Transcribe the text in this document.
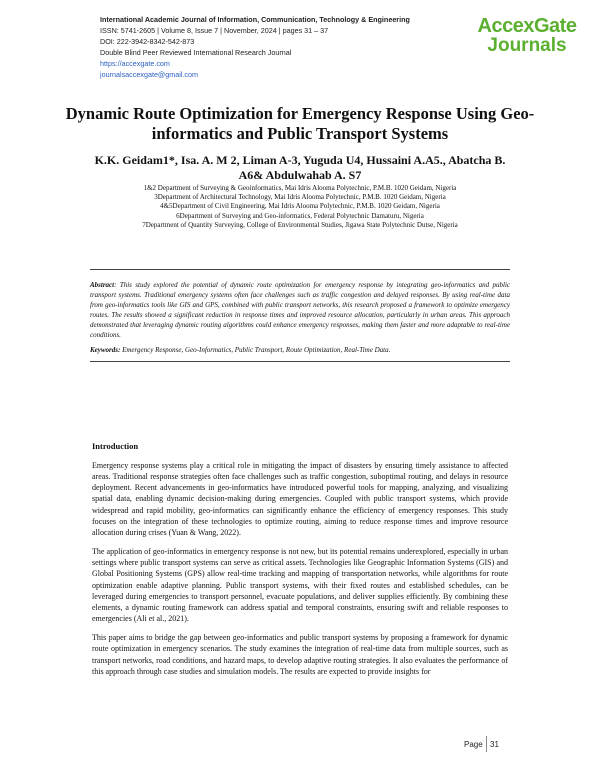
International Academic Journal of Information, Communication, Technology & Engineering
ISSN: 5741-2605 | Volume 8, Issue 7 | November, 2024 | pages 31 – 37
DOI: 222-3942-8342-542-873
Double Blind Peer Reviewed International Research Journal
https://accexgate.com
journalsaccexgate@gmail.com
AccexGate
Journals
Dynamic Route Optimization for Emergency Response Using Geo-informatics and Public Transport Systems
K.K. Geidam1*, Isa. A. M 2, Liman A-3, Yuguda U4, Hussaini A.A5., Abatcha B. A6& Abdulwahab A. S7
1&2 Department of Surveying & Geoinformatics, Mai Idris Alooma Polytechnic, P.M.B. 1020 Geidam, Nigeria
3Department of Architectural Technology, Mai Idris Alooma Polytechnic, P.M.B. 1020 Geidam, Nigeria
4&5Department of Civil Engineering, Mai Idris Alooma Polytechnic, P.M.B. 1020 Geidam, Nigeria
6Department of Surveying and Geo-informatics, Federal Polytechnic Damaturu, Nigeria
7Department of Quantity Surveying, College of Environmental Studies, Jigawa State Polytechnic Dutse, Nigeria
Abstract: This study explored the potential of dynamic route optimization for emergency response by integrating geo-informatics and public transport systems. Traditional emergency systems often face challenges such as traffic congestion and delayed responses. By using real-time data from geo-informatics tools like GIS and GPS, combined with public transport networks, this research proposed a framework to optimize emergency routes. The results showed a significant reduction in response times and improved resource allocation, particularly in urban areas. This approach demonstrated that leveraging dynamic routing algorithms could enhance emergency responses, making them faster and more adaptable to real-time conditions.
Keywords: Emergency Response, Geo-Informatics, Public Transport, Route Optimization, Real-Time Data.
Introduction

Emergency response systems play a critical role in mitigating the impact of disasters by ensuring timely assistance to affected areas. Traditional response strategies often face challenges such as traffic congestion, suboptimal routing, and delays in resource deployment. Recent advancements in geo-informatics have introduced powerful tools for mapping, analyzing, and visualizing spatial data, enabling dynamic decision-making during emergencies. Coupled with public transport systems, which provide widespread and rapid mobility, geo-informatics can significantly enhance the efficiency of emergency responses. This study focuses on the integration of these technologies to optimize routing, aiming to reduce response times and improve resource allocation during crises (Yuan & Wang, 2022).

The application of geo-informatics in emergency response is not new, but its potential remains underexplored, especially in urban settings where public transport systems can serve as critical assets. Technologies like Geographic Information Systems (GIS) and Global Positioning Systems (GPS) allow real-time tracking and mapping of transportation networks, while algorithms for route optimization enable adaptive planning. Public transport systems, with their fixed routes and established schedules, can be leveraged during emergencies to transport personnel, evacuate populations, and deliver supplies efficiently. By combining these elements, a dynamic routing framework can address spatial and temporal constraints, ensuring swift and reliable responses to emergencies (Ali et al., 2021).

This paper aims to bridge the gap between geo-informatics and public transport systems by proposing a framework for dynamic route optimization in emergency scenarios. The study examines the integration of real-time data from multiple sources, such as transport networks, road conditions, and hazard maps, to develop adaptive routing strategies. It also evaluates the performance of this approach through case studies and simulation models. The results are expected to provide insights for

Page 31
